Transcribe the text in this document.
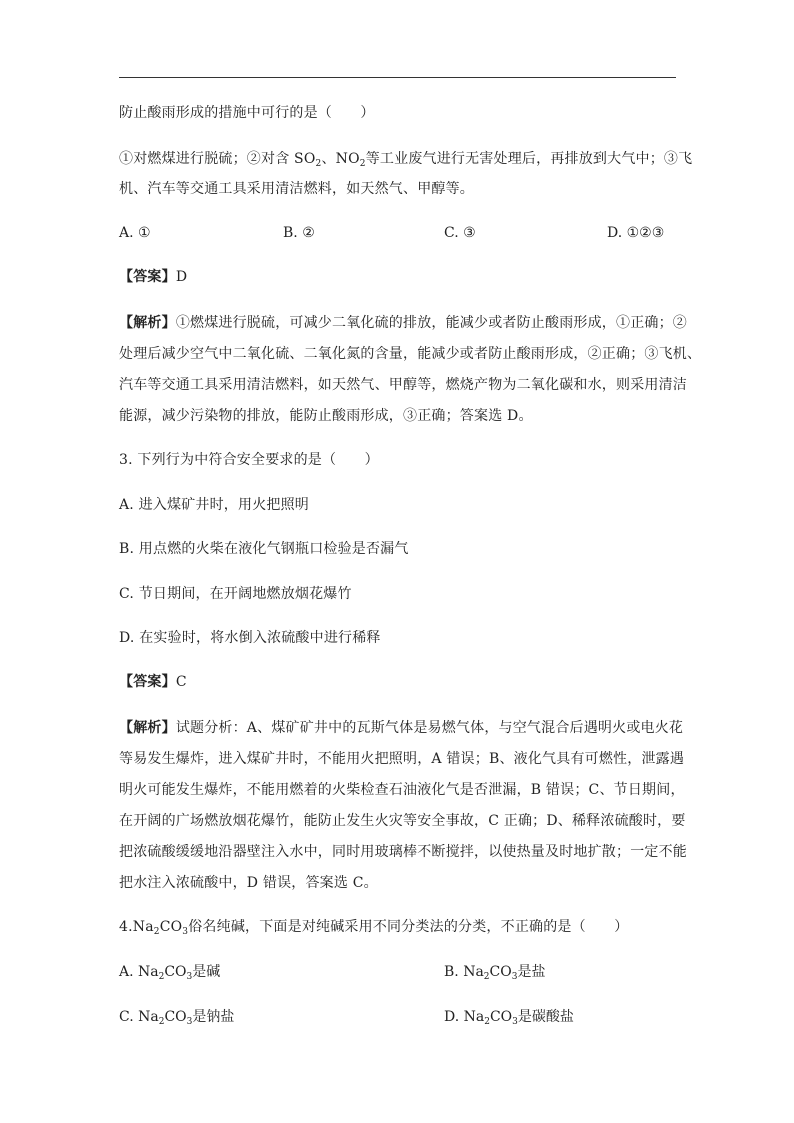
防止酸雨形成的措施中可行的是（　　）
①对燃煤进行脱硫；②对含 $SO_2$、$NO_2$等工业废气进行无害处理后，再排放到大气中；③飞
机、汽车等交通工具采用清洁燃料，如天然气、甲醇等。
A. ①	B. ②	C. ③	D. ①②③
【答案】D
【解析】①燃煤进行脱硫，可减少二氧化硫的排放，能减少或者防止酸雨形成，①正确；②
处理后减少空气中二氧化硫、二氧化氮的含量，能减少或者防止酸雨形成，②正确；③飞机、
汽车等交通工具采用清洁燃料，如天然气、甲醇等，燃烧产物为二氧化碳和水，则采用清洁
能源，减少污染物的排放，能防止酸雨形成，③正确；答案选 D。
3. 下列行为中符合安全要求的是（　　）
A. 进入煤矿井时，用火把照明
B. 用点燃的火柴在液化气钢瓶口检验是否漏气
C. 节日期间，在开阔地燃放烟花爆竹
D. 在实验时，将水倒入浓硫酸中进行稀释
【答案】C
【解析】试题分析：A、煤矿矿井中的瓦斯气体是易燃气体，与空气混合后遇明火或电火花
等易发生爆炸，进入煤矿井时，不能用火把照明，A 错误；B、液化气具有可燃性，泄露遇
明火可能发生爆炸，不能用燃着的火柴检查石油液化气是否泄漏，B 错误；C、节日期间，
在开阔的广场燃放烟花爆竹，能防止发生火灾等安全事故，C 正确；D、稀释浓硫酸时，要
把浓硫酸缓缓地沿器壁注入水中，同时用玻璃棒不断搅拌，以使热量及时地扩散；一定不能
把水注入浓硫酸中，D 错误，答案选 C。
$4.Na_2CO_3$俗名纯碱，下面是对纯碱采用不同分类法的分类，不正确的是（　　）
A. $Na_2CO_3$是碱	B. $Na_2CO_3$是盐
C. $Na_2CO_3$是钠盐	D. $Na_2CO_3$是碳酸盐
